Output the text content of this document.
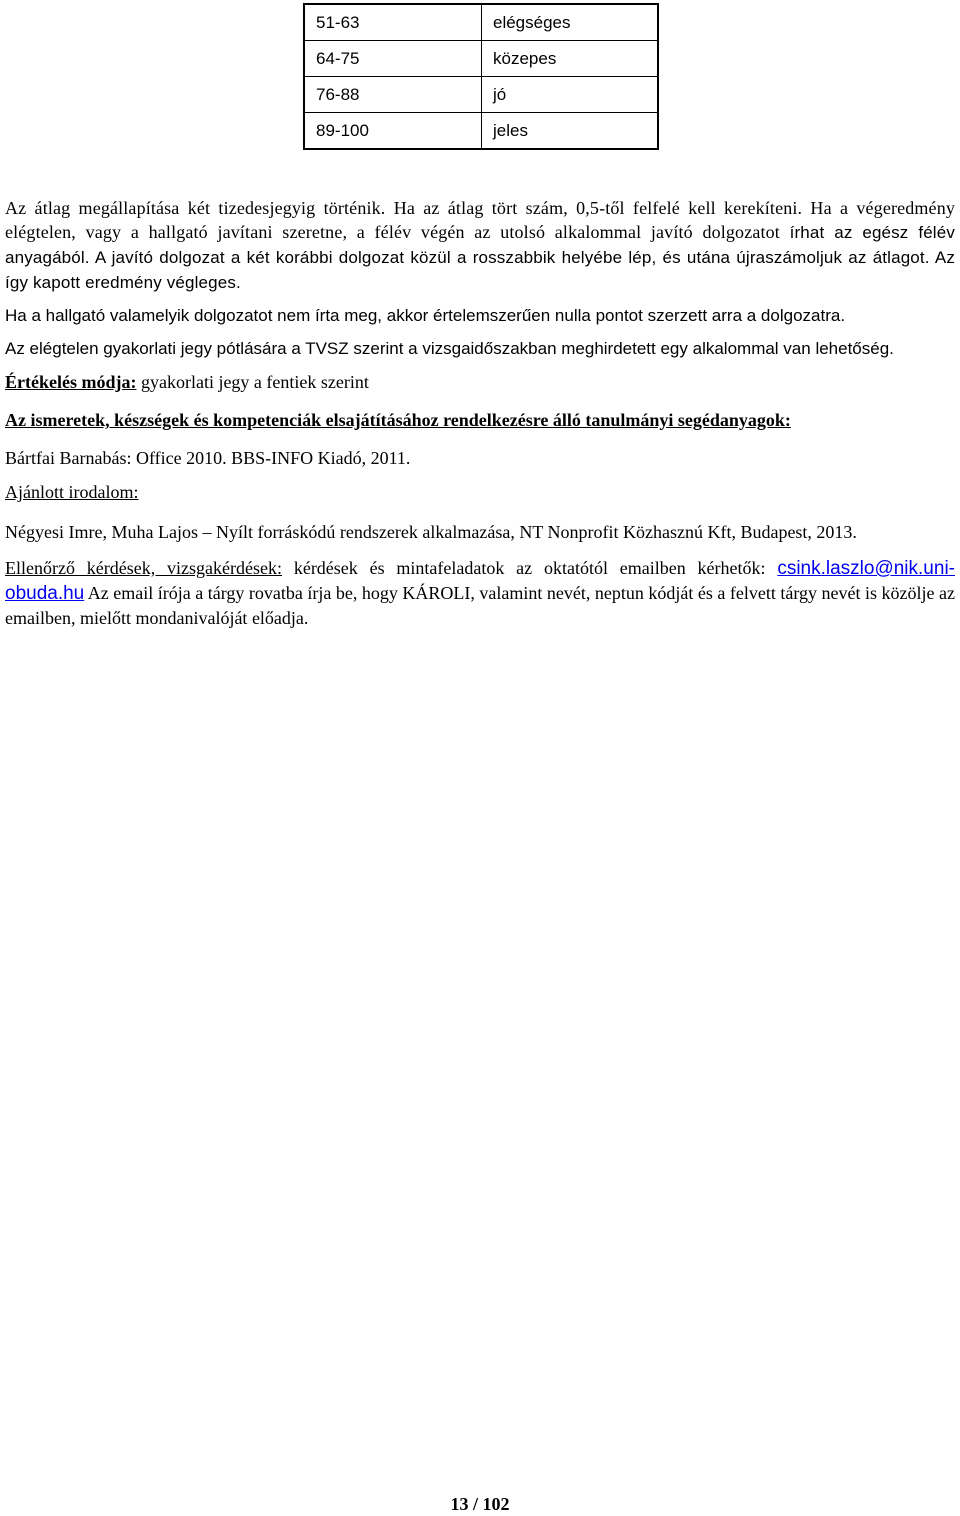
51-63	elégséges
64-75	közepes
76-88	jó
89-100	jeles

Az átlag megállapítása két tizedesjegyig történik. Ha az átlag tört szám, 0,5-től felfelé kell kerekíteni. Ha a végeredmény elégtelen, vagy a hallgató javítani szeretne, a félév végén az utolsó alkalommal javító dolgozatot írhat az egész félév anyagából. A javító dolgozat a két korábbi dolgozat közül a rosszabbik helyébe lép, és utána újraszámoljuk az átlagot. Az így kapott eredmény végleges.

Ha a hallgató valamelyik dolgozatot nem írta meg, akkor értelemszerűen nulla pontot szerzett arra a dolgozatra.

Az elégtelen gyakorlati jegy pótlására a TVSZ szerint a vizsgaidőszakban meghirdetett egy alkalommal van lehetőség.

Értékelés módja: gyakorlati jegy a fentiek szerint

Az ismeretek, készségek és kompetenciák elsajátításához rendelkezésre álló tanulmányi segédanyagok:

Bártfai Barnabás: Office 2010. BBS-INFO Kiadó, 2011.

Ajánlott irodalom:

Négyesi Imre, Muha Lajos – Nyílt forráskódú rendszerek alkalmazása, NT Nonprofit Közhasznú Kft, Budapest, 2013.

Ellenőrző kérdések, vizsgakérdések: kérdések és mintafeladatok az oktatótól emailben kérhetők: csink.laszlo@nik.uni-obuda.hu Az email írója a tárgy rovatba írja be, hogy KÁROLI, valamint nevét, neptun kódját és a felvett tárgy nevét is közölje az emailben, mielőtt mondanivalóját előadja.

13 / 102
